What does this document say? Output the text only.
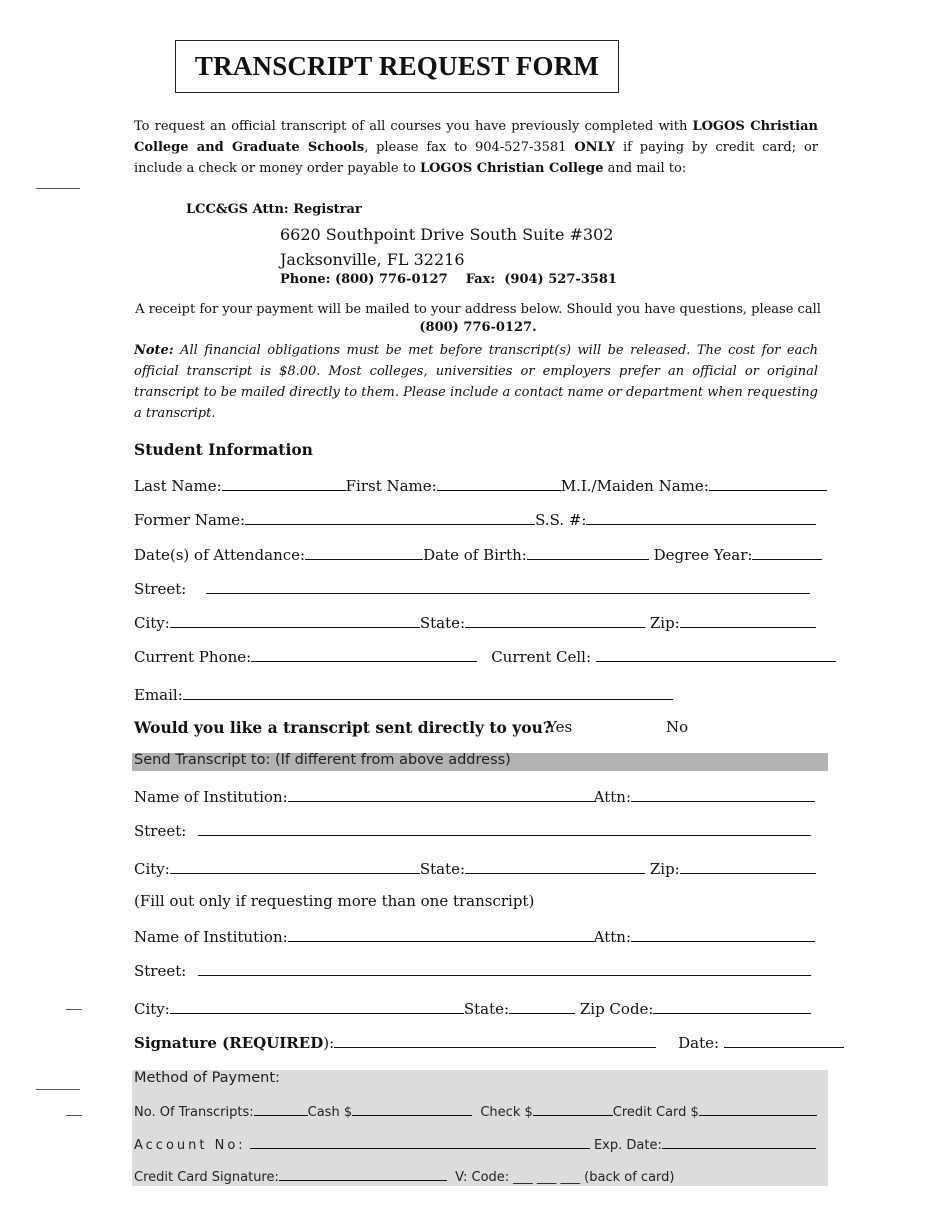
TRANSCRIPT REQUEST FORM
To request an official transcript of all courses you have previously completed with LOGOS Christian College and Graduate Schools, please fax to 904-527-3581 ONLY if paying by credit card; or include a check or money order payable to LOGOS Christian College and mail to:
LCC&GS Attn: Registrar
6620 Southpoint Drive South Suite #302
Jacksonville, FL 32216
Phone: (800) 776-0127    Fax:  (904) 527-3581
A receipt for your payment will be mailed to your address below. Should you have questions, please call
(800) 776-0127.
Note: All financial obligations must be met before transcript(s) will be released. The cost for each official transcript is $8.00. Most colleges, universities or employers prefer an official or original transcript to be mailed directly to them. Please include a contact name or department when requesting a transcript.
Student Information
Last Name:	First Name:	M.I./Maiden Name:
Former Name:	S.S. #:
Date(s) of Attendance:	Date of Birth:	Degree Year:
Street:
City:	State:	Zip:
Current Phone:	Current Cell:
Email:
Would you like a transcript sent directly to you?
Yes	No
Send Transcript to: (If different from above address)
Name of Institution:	Attn:
Street:
City:	State:	Zip:
(Fill out only if requesting more than one transcript)
Name of Institution:	Attn:
Street:
City:	State:	Zip Code:
Signature (REQUIRED):	Date:
Method of Payment:
No. Of Transcripts:	Cash $	Check $	Credit Card $
Account No:	Exp. Date:
Credit Card Signature:	V: Code: ___ ___ ___ (back of card)
